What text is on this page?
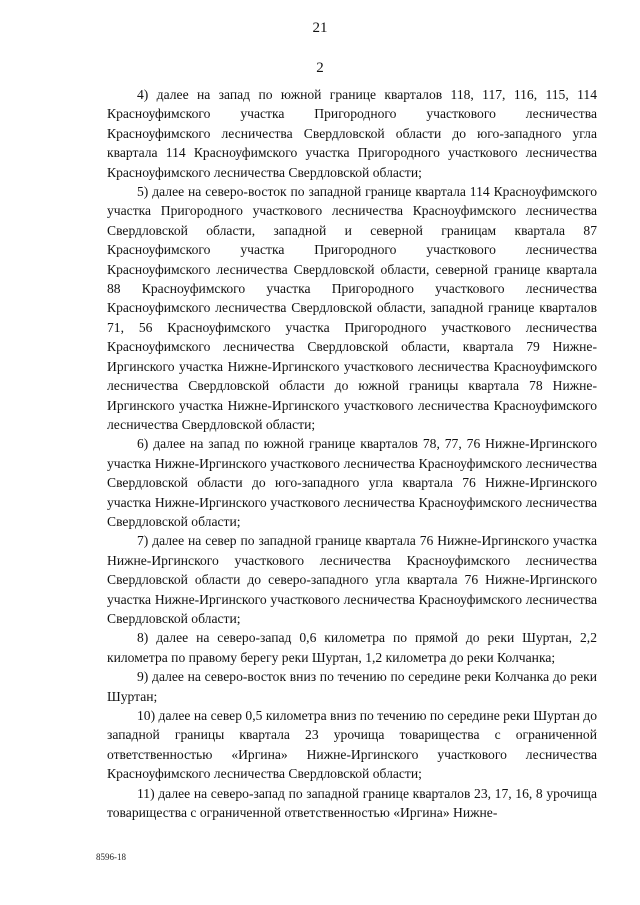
21
2

4) далее на запад по южной границе кварталов 118, 117, 116, 115, 114 Красноуфимского участка Пригородного участкового лесничества Красноуфимского лесничества Свердловской области до юго-западного угла квартала 114 Красноуфимского участка Пригородного участкового лесничества Красноуфимского лесничества Свердловской области;

5) далее на северо-восток по западной границе квартала 114 Красноуфимского участка Пригородного участкового лесничества Красноуфимского лесничества Свердловской области, западной и северной границам квартала 87 Красноуфимского участка Пригородного участкового лесничества Красноуфимского лесничества Свердловской области, северной границе квартала 88 Красноуфимского участка Пригородного участкового лесничества Красноуфимского лесничества Свердловской области, западной границе кварталов 71, 56 Красноуфимского участка Пригородного участкового лесничества Красноуфимского лесничества Свердловской области, квартала 79 Нижне-Иргинского участка Нижне-Иргинского участкового лесничества Красноуфимского лесничества Свердловской области до южной границы квартала 78 Нижне-Иргинского участка Нижне-Иргинского участкового лесничества Красноуфимского лесничества Свердловской области;

6) далее на запад по южной границе кварталов 78, 77, 76 Нижне-Иргинского участка Нижне-Иргинского участкового лесничества Красноуфимского лесничества Свердловской области до юго-западного угла квартала 76 Нижне-Иргинского участка Нижне-Иргинского участкового лесничества Красноуфимского лесничества Свердловской области;

7) далее на север по западной границе квартала 76 Нижне-Иргинского участка Нижне-Иргинского участкового лесничества Красноуфимского лесничества Свердловской области до северо-западного угла квартала 76 Нижне-Иргинского участка Нижне-Иргинского участкового лесничества Красноуфимского лесничества Свердловской области;

8) далее на северо-запад 0,6 километра по прямой до реки Шуртан, 2,2 километра по правому берегу реки Шуртан, 1,2 километра до реки Колчанка;

9) далее на северо-восток вниз по течению по середине реки Колчанка до реки Шуртан;

10) далее на север 0,5 километра вниз по течению по середине реки Шуртан до западной границы квартала 23 урочища товарищества с ограниченной ответственностью «Иргина» Нижне-Иргинского участкового лесничества Красноуфимского лесничества Свердловской области;

11) далее на северо-запад по западной границе кварталов 23, 17, 16, 8 урочища товарищества с ограниченной ответственностью «Иргина» Нижне-

8596-18
